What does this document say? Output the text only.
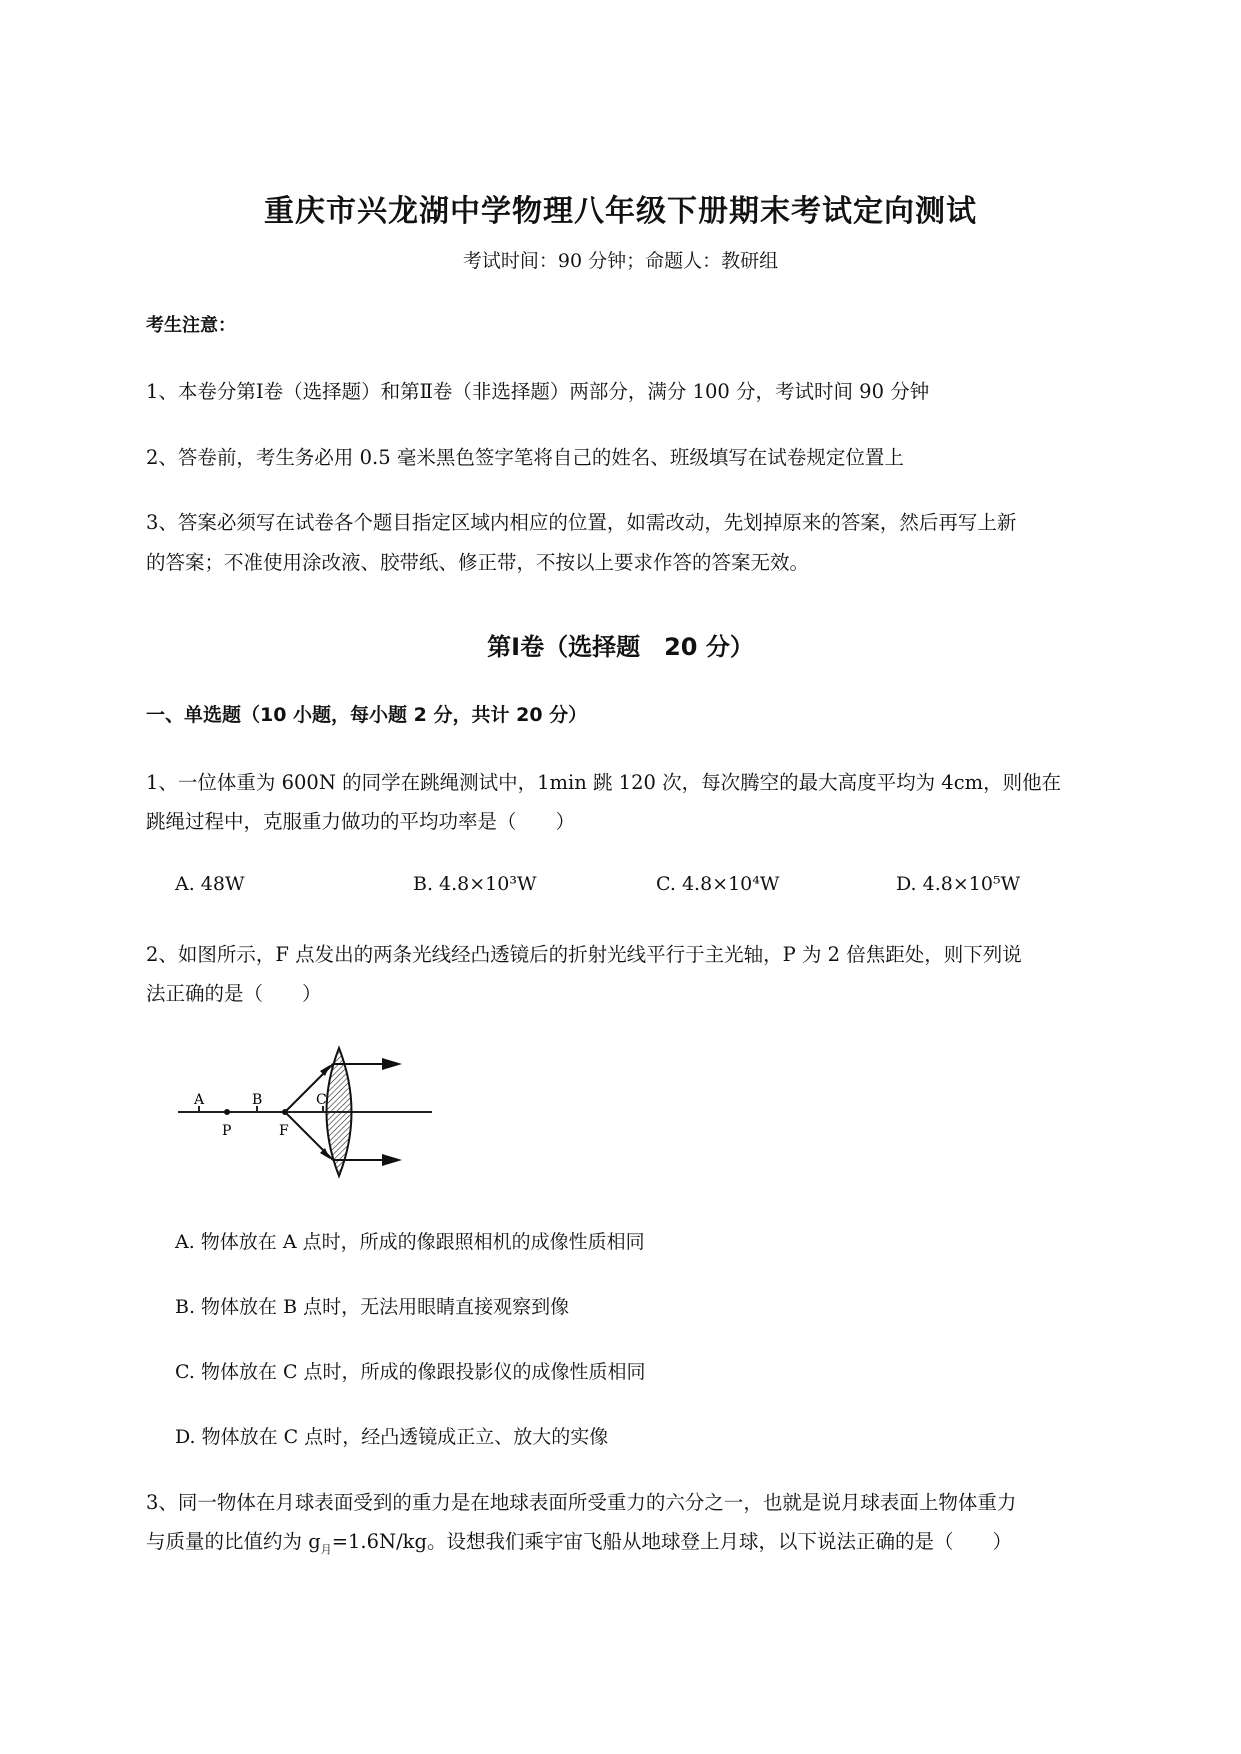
重庆市兴龙湖中学物理八年级下册期末考试定向测试
考试时间：90 分钟；命题人：教研组
考生注意：
1、本卷分第Ⅰ卷（选择题）和第Ⅱ卷（非选择题）两部分，满分 100 分，考试时间 90 分钟
2、答卷前，考生务必用 0.5 毫米黑色签字笔将自己的姓名、班级填写在试卷规定位置上
3、答案必须写在试卷各个题目指定区域内相应的位置，如需改动，先划掉原来的答案，然后再写上新
的答案；不准使用涂改液、胶带纸、修正带，不按以上要求作答的答案无效。
第Ⅰ卷（选择题　20 分）
一、单选题（10 小题，每小题 2 分，共计 20 分）
1、一位体重为 600N 的同学在跳绳测试中，1min 跳 120 次，每次腾空的最大高度平均为 4cm，则他在
跳绳过程中，克服重力做功的平均功率是（　　）
A. 48W	B. 4.8×10³W	C. 4.8×10⁴W	D. 4.8×10⁵W
2、如图所示，F 点发出的两条光线经凸透镜后的折射光线平行于主光轴，P 为 2 倍焦距处，则下列说
法正确的是（　　）
A	B	C
P	F
A. 物体放在 A 点时，所成的像跟照相机的成像性质相同
B. 物体放在 B 点时，无法用眼睛直接观察到像
C. 物体放在 C 点时，所成的像跟投影仪的成像性质相同
D. 物体放在 C 点时，经凸透镜成正立、放大的实像
3、同一物体在月球表面受到的重力是在地球表面所受重力的六分之一，也就是说月球表面上物体重力
与质量的比值约为 $g_月=1.6N/kg$。设想我们乘宇宙飞船从地球登上月球，以下说法正确的是（　　）
